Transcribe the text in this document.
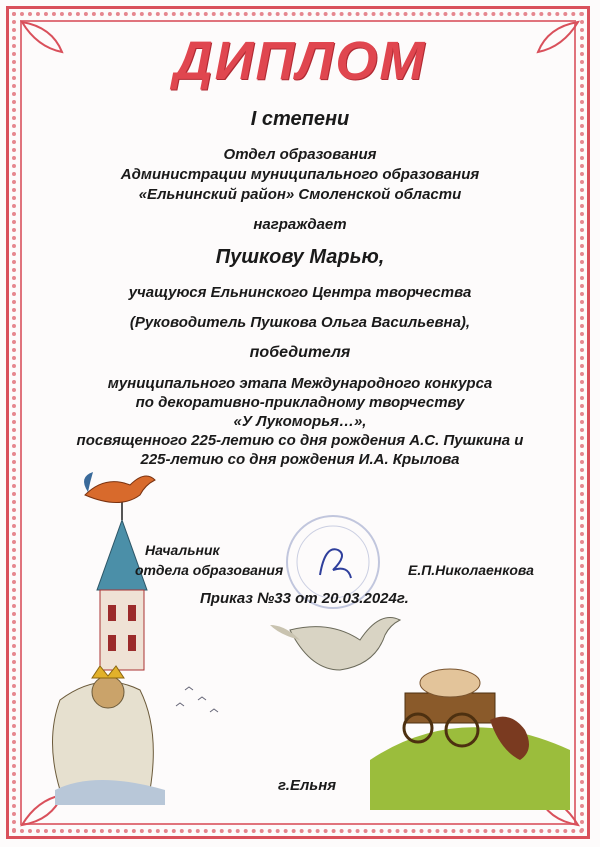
ДИПЛОМ
I степени
Отдел образования
Администрации муниципального образования
«Ельнинский район» Смоленской области
награждает
Пушкову Марью,
учащуюся Ельнинского Центра творчества
(Руководитель Пушкова Ольга Васильевна),
победителя
муниципального этапа Международного конкурса
по декоративно-прикладному творчеству
«У Лукоморья…»,
посвященного 225-летию со дня рождения А.С. Пушкина и
225-летию со дня рождения И.А. Крылова
Начальник
отдела образования	Е.П.Николаенкова
Приказ №33 от 20.03.2024г.
г.Ельня
